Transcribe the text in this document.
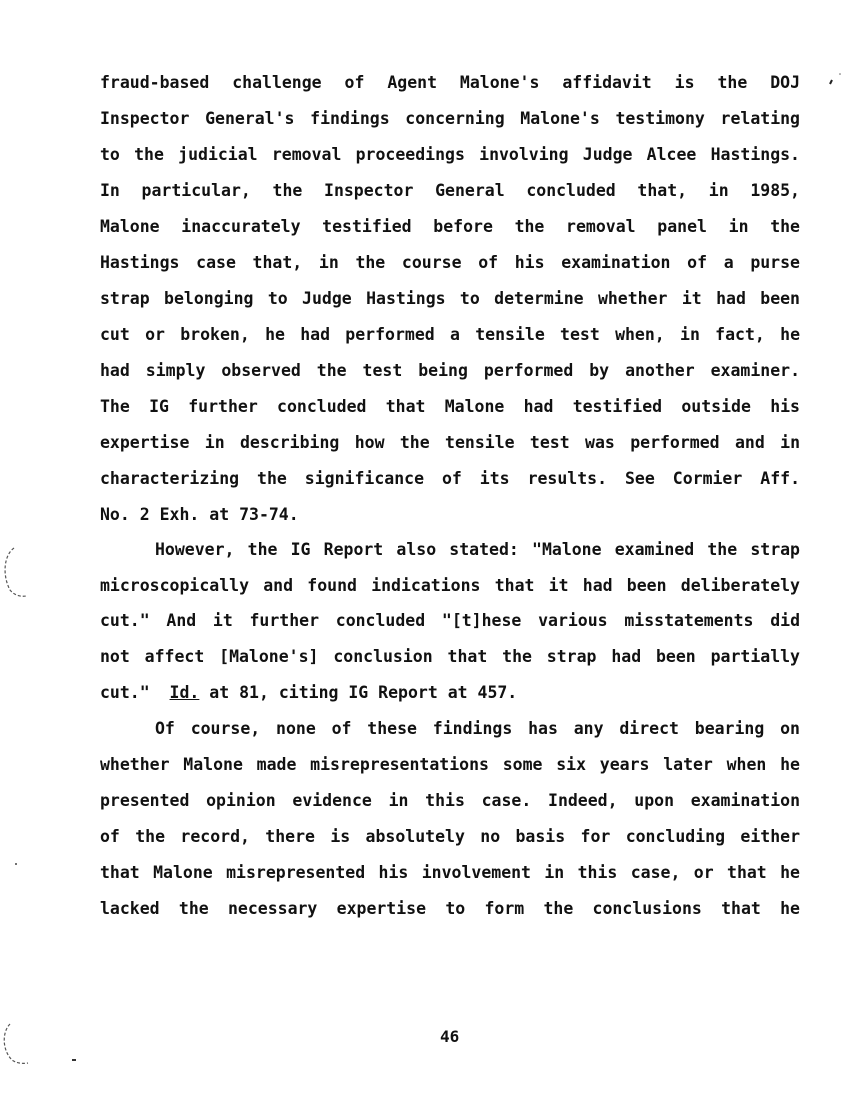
fraud-based challenge of Agent Malone's affidavit is the DOJ
Inspector General's findings concerning Malone's testimony relating
to the judicial removal proceedings involving Judge Alcee Hastings.
In particular, the Inspector General concluded that, in 1985,
Malone inaccurately testified before the removal panel in the
Hastings case that, in the course of his examination of a purse
strap belonging to Judge Hastings to determine whether it had been
cut or broken, he had performed a tensile test when, in fact, he
had simply observed the test being performed by another examiner.
The IG further concluded that Malone had testified outside his
expertise in describing how the tensile test was performed and in
characterizing the significance of its results. See Cormier Aff.
No. 2 Exh. at 73-74.
However, the IG Report also stated: "Malone examined the strap
microscopically and found indications that it had been deliberately
cut." And it further concluded "[t]hese various misstatements did
not affect [Malone's] conclusion that the strap had been partially
cut."  Id. at 81, citing IG Report at 457.
Of course, none of these findings has any direct bearing on
whether Malone made misrepresentations some six years later when he
presented opinion evidence in this case. Indeed, upon examination
of the record, there is absolutely no basis for concluding either
that Malone misrepresented his involvement in this case, or that he
lacked the necessary expertise to form the conclusions that he
46
